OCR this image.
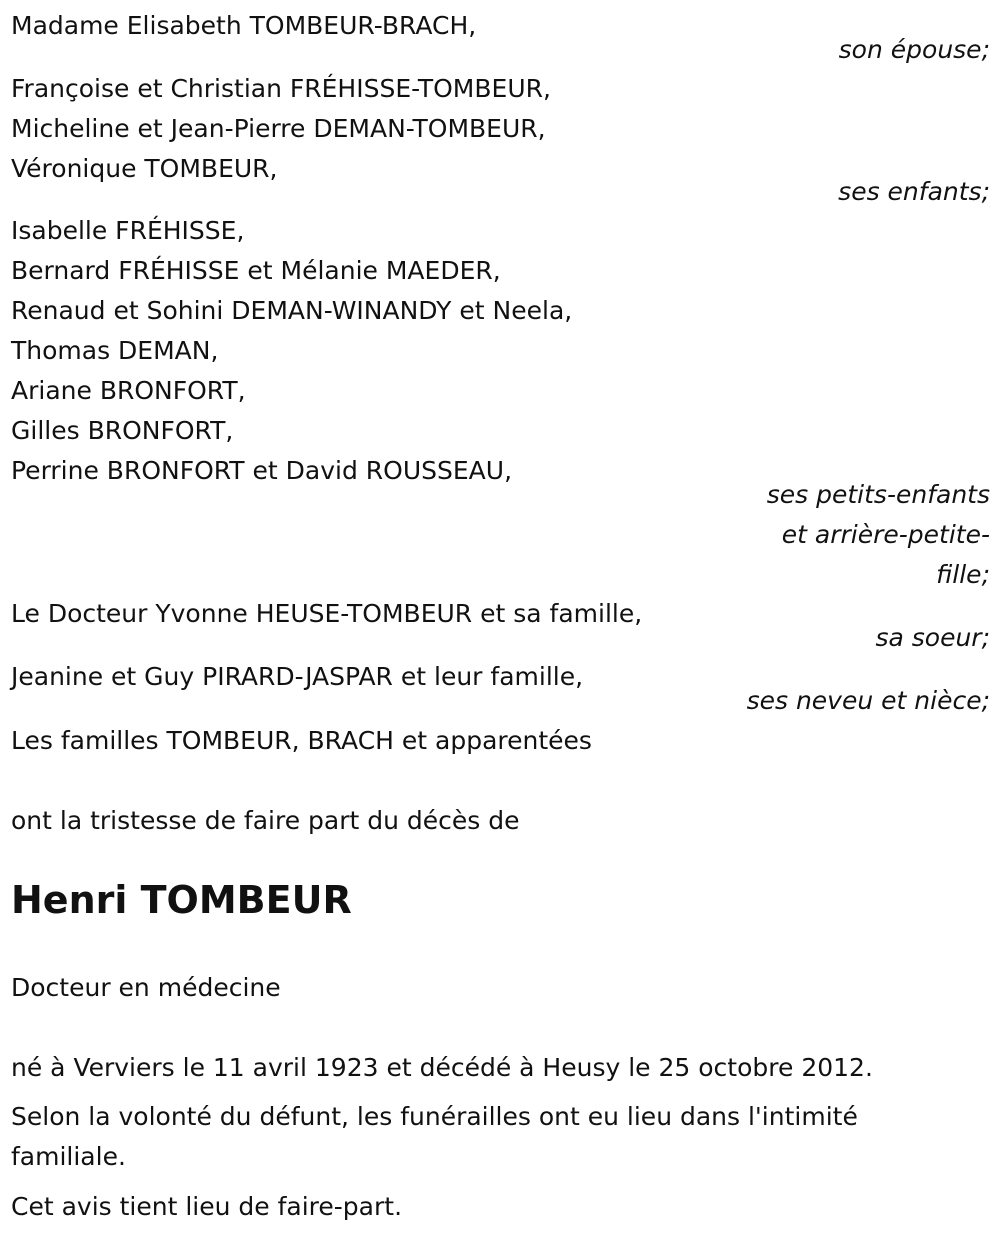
Madame Elisabeth TOMBEUR-BRACH,
son épouse;
Françoise et Christian FRÉHISSE-TOMBEUR,
Micheline et Jean-Pierre DEMAN-TOMBEUR,
Véronique TOMBEUR,
ses enfants;
Isabelle FRÉHISSE,
Bernard FRÉHISSE et Mélanie MAEDER,
Renaud et Sohini DEMAN-WINANDY et Neela,
Thomas DEMAN,
Ariane BRONFORT,
Gilles BRONFORT,
Perrine BRONFORT et David ROUSSEAU,
ses petits-enfants
et arrière-petite-
fille;
Le Docteur Yvonne HEUSE-TOMBEUR et sa famille,
sa soeur;
Jeanine et Guy PIRARD-JASPAR et leur famille,
ses neveu et nièce;
Les familles TOMBEUR, BRACH et apparentées
ont la tristesse de faire part du décès de
Henri TOMBEUR
Docteur en médecine
né à Verviers le 11 avril 1923 et décédé à Heusy le 25 octobre 2012.
Selon la volonté du défunt, les funérailles ont eu lieu dans l'intimité familiale.
Cet avis tient lieu de faire-part.
